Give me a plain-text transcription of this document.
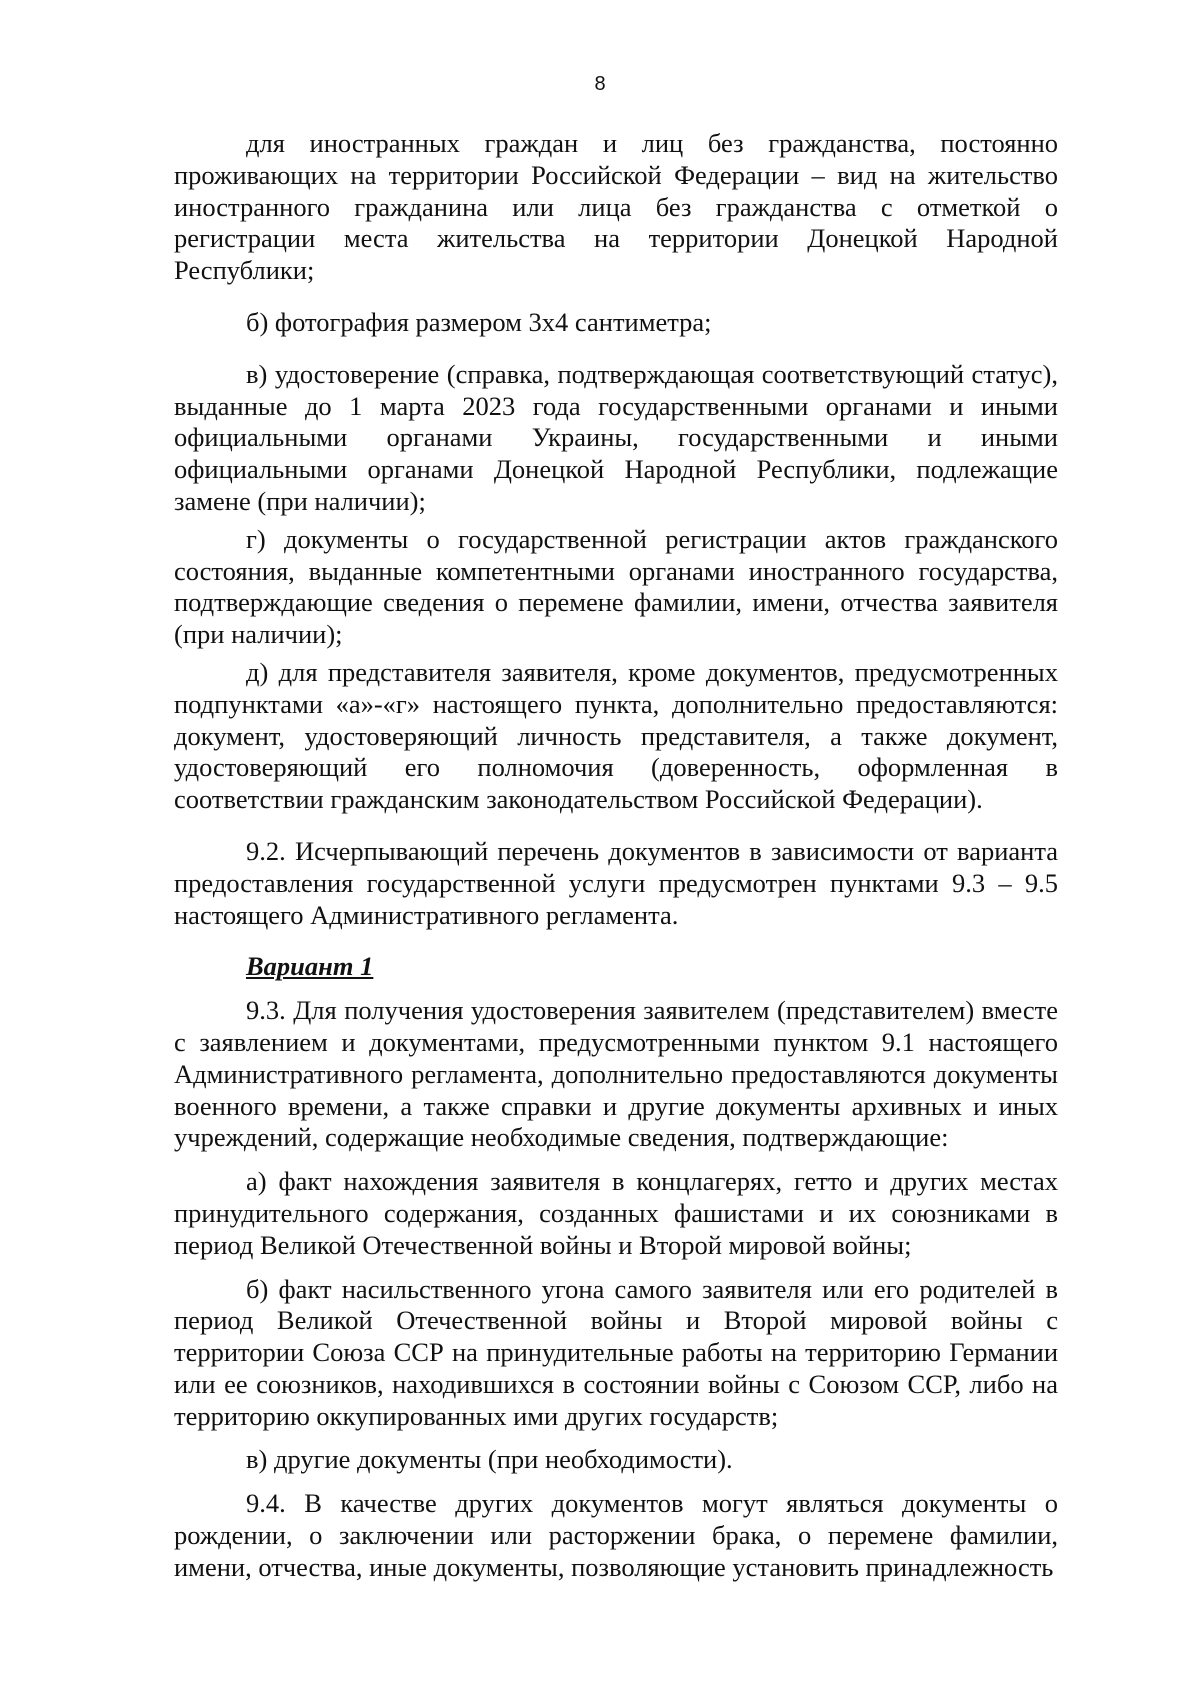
8

для иностранных граждан и лиц без гражданства, постоянно проживающих на территории Российской Федерации – вид на жительство иностранного гражданина или лица без гражданства с отметкой о регистрации места жительства на территории Донецкой Народной Республики;

б) фотография размером 3х4 сантиметра;

в) удостоверение (справка, подтверждающая соответствующий статус), выданные до 1 марта 2023 года государственными органами и иными официальными органами Украины, государственными и иными официальными органами Донецкой Народной Республики, подлежащие замене (при наличии);

г) документы о государственной регистрации актов гражданского состояния, выданные компетентными органами иностранного государства, подтверждающие сведения о перемене фамилии, имени, отчества заявителя (при наличии);

д) для представителя заявителя, кроме документов, предусмотренных подпунктами «а»-«г» настоящего пункта, дополнительно предоставляются: документ, удостоверяющий личность представителя, а также документ, удостоверяющий его полномочия (доверенность, оформленная в соответствии гражданским законодательством Российской Федерации).

9.2. Исчерпывающий перечень документов в зависимости от варианта предоставления государственной услуги предусмотрен пунктами 9.3 – 9.5 настоящего Административного регламента.

Вариант 1

9.3. Для получения удостоверения заявителем (представителем) вместе с заявлением и документами, предусмотренными пунктом 9.1 настоящего Административного регламента, дополнительно предоставляются документы военного времени, а также справки и другие документы архивных и иных учреждений, содержащие необходимые сведения, подтверждающие:

а) факт нахождения заявителя в концлагерях, гетто и других местах принудительного содержания, созданных фашистами и их союзниками в период Великой Отечественной войны и Второй мировой войны;

б) факт насильственного угона самого заявителя или его родителей в период Великой Отечественной войны и Второй мировой войны с территории Союза ССР на принудительные работы на территорию Германии или ее союзников, находившихся в состоянии войны с Союзом ССР, либо на территорию оккупированных ими других государств;

в) другие документы (при необходимости).

9.4. В качестве других документов могут являться документы о рождении, о заключении или расторжении брака, о перемене фамилии, имени, отчества, иные документы, позволяющие установить принадлежность
